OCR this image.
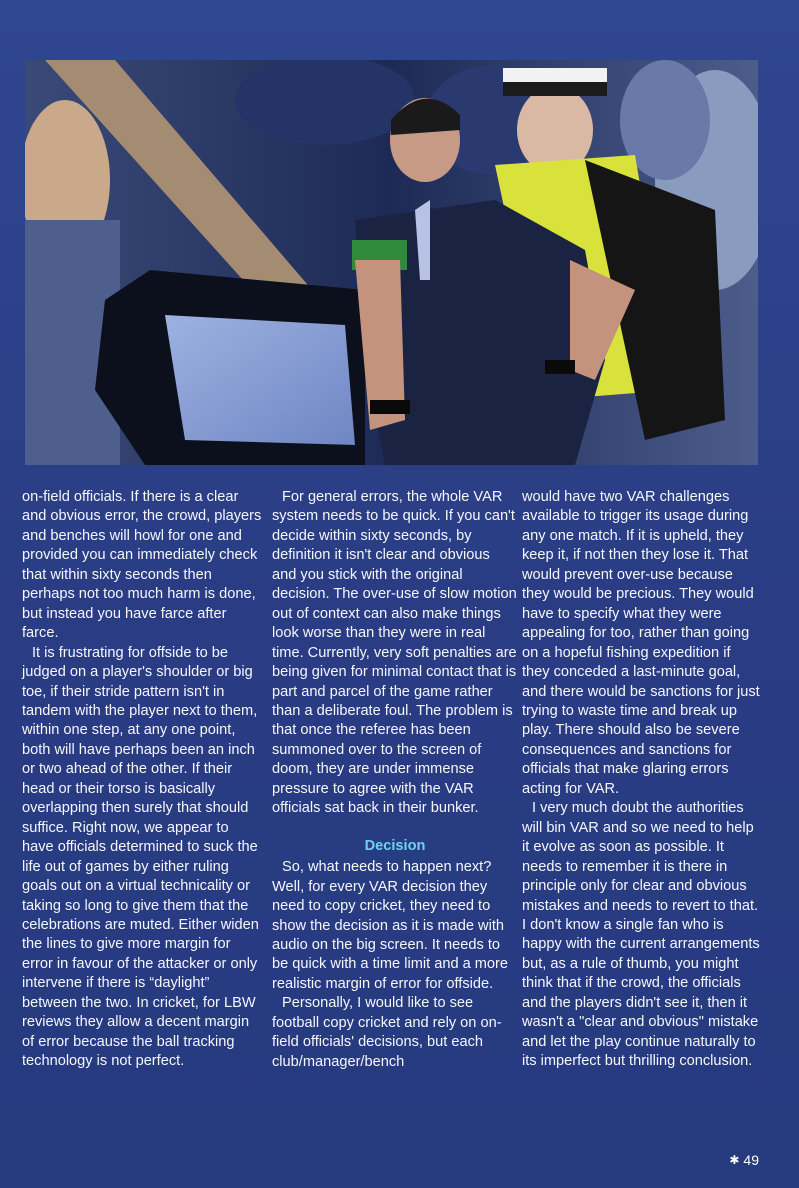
on-field officials. If there is a clear and obvious error, the crowd, players and benches will howl for one and provided you can immediately check that within sixty seconds then perhaps not too much harm is done, but instead you have farce after farce.

It is frustrating for offside to be judged on a player's shoulder or big toe, if their stride pattern isn't in tandem with the player next to them, within one step, at any one point, both will have perhaps been an inch or two ahead of the other. If their head or their torso is basically overlapping then surely that should suffice. Right now, we appear to have officials determined to suck the life out of games by either ruling goals out on a virtual technicality or taking so long to give them that the celebrations are muted. Either widen the lines to give more margin for error in favour of the attacker or only intervene if there is “daylight” between the two. In cricket, for LBW reviews they allow a decent margin of error because the ball tracking technology is not perfect.

For general errors, the whole VAR system needs to be quick. If you can't decide within sixty seconds, by definition it isn't clear and obvious and you stick with the original decision. The over-use of slow motion out of context can also make things look worse than they were in real time. Currently, very soft penalties are being given for minimal contact that is part and parcel of the game rather than a deliberate foul. The problem is that once the referee has been summoned over to the screen of doom, they are under immense pressure to agree with the VAR officials sat back in their bunker.

Decision

So, what needs to happen next? Well, for every VAR decision they need to copy cricket, they need to show the decision as it is made with audio on the big screen. It needs to be quick with a time limit and a more realistic margin of error for offside.

Personally, I would like to see football copy cricket and rely on on-field officials' decisions, but each club/manager/bench

would have two VAR challenges available to trigger its usage during any one match. If it is upheld, they keep it, if not then they lose it. That would prevent over-use because they would be precious. They would have to specify what they were appealing for too, rather than going on a hopeful fishing expedition if they conceded a last-minute goal, and there would be sanctions for just trying to waste time and break up play. There should also be severe consequences and sanctions for officials that make glaring errors acting for VAR.

I very much doubt the authorities will bin VAR and so we need to help it evolve as soon as possible. It needs to remember it is there in principle only for clear and obvious mistakes and needs to revert to that. I don't know a single fan who is happy with the current arrangements but, as a rule of thumb, you might think that if the crowd, the officials and the players didn't see it, then it wasn't a "clear and obvious" mistake and let the play continue naturally to its imperfect but thrilling conclusion.

✱ 49
